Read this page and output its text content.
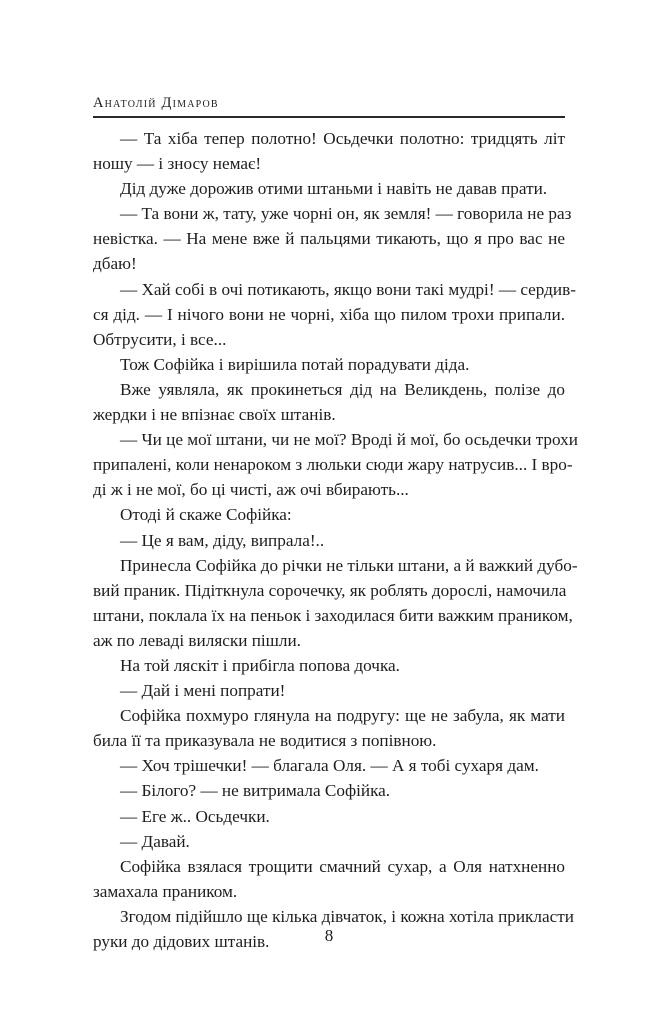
Анатолій Дімаров
— Та хіба тепер полотно! Осьдечки полотно: тридцять літ
ношу — і зносу немає!
Дід дуже дорожив отими штаньми і навіть не давав прати.
— Та вони ж, тату, уже чорні он, як земля! — говорила не раз
невістка. — На мене вже й пальцями тикають, що я про вас не
дбаю!
— Хай собі в очі потикають, якщо вони такі мудрі! — сердив-
ся дід. — І нічого вони не чорні, хіба що пилом трохи припали.
Обтрусити, і все...
Тож Софійка і вирішила потай порадувати діда.
Вже уявляла, як прокинеться дід на Великдень, полізе до
жердки і не впізнає своїх штанів.
— Чи це мої штани, чи не мої? Вроді й мої, бо осьдечки трохи
припалені, коли ненароком з люльки сюди жару натрусив... І вро-
ді ж і не мої, бо ці чисті, аж очі вбирають...
Отоді й скаже Софійка:
— Це я вам, діду, випрала!..
Принесла Софійка до річки не тільки штани, а й важкий дубо-
вий праник. Підіткнула сорочечку, як роблять дорослі, намочила
штани, поклала їх на пеньок і заходилася бити важким праником,
аж по леваді виляски пішли.
На той ляскіт і прибігла попова дочка.
— Дай і мені попрати!
Софійка похмуро глянула на подругу: ще не забула, як мати
била її та приказувала не водитися з попівною.
— Хоч трішечки! — благала Оля. — А я тобі сухаря дам.
— Білого? — не витримала Софійка.
— Еге ж.. Осьдечки.
— Давай.
Софійка взялася трощити смачний сухар, а Оля натхненно
замахала праником.
Згодом підійшло ще кілька дівчаток, і кожна хотіла прикласти
руки до дідових штанів.	8
